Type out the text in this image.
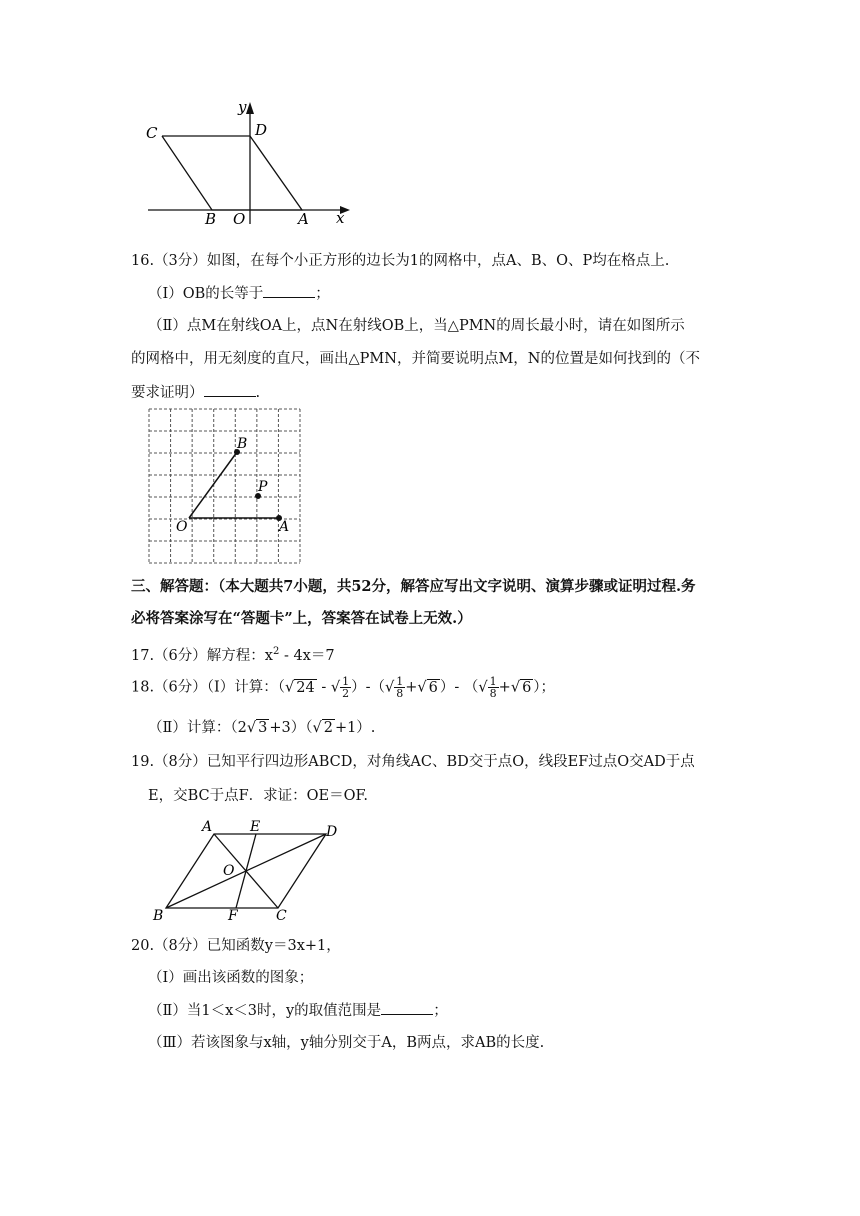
C	D
y
B O	A x
16.（3分）如图，在每个小正方形的边长为1的网格中，点A、B、O、P均在格点上.
（Ⅰ）OB的长等于	；
（Ⅱ）点M在射线OA上，点N在射线OB上，当△PMN的周长最小时，请在如图所示
的网格中，用无刻度的直尺，画出△PMN，并简要说明点M，N的位置是如何找到的（不
要求证明）	.
B
P
O	A
三、解答题：（本大题共7小题，共52分，解答应写出文字说明、演算步骤或证明过程.务
必将答案涂写在“答题卡”上，答案答在试卷上无效.）
17.（6分）解方程：$x^2 - 4x=7$
18.（6分）（Ⅰ）计算：（√ 24 - √ $\frac{1}{2}$ ）-（√ $\frac{1}{8}$ +√ 6 ）- （√ $\frac{1}{8}$ +√ 6 ）；
（Ⅱ）计算：（2√ 3 +3）（√ 2 +1）.
19.（8分）已知平行四边形ABCD，对角线AC、BD交于点O，线段EF过点O交AD于点
E，交BC于点F．求证：OE＝OF.
A	E	D
O
B	F	C
20.（8分）已知函数y＝3x+1，
（Ⅰ）画出该函数的图象；
（Ⅱ）当1＜x＜3时，y的取值范围是	；
（Ⅲ）若该图象与x轴，y轴分别交于A，B两点，求AB的长度.
